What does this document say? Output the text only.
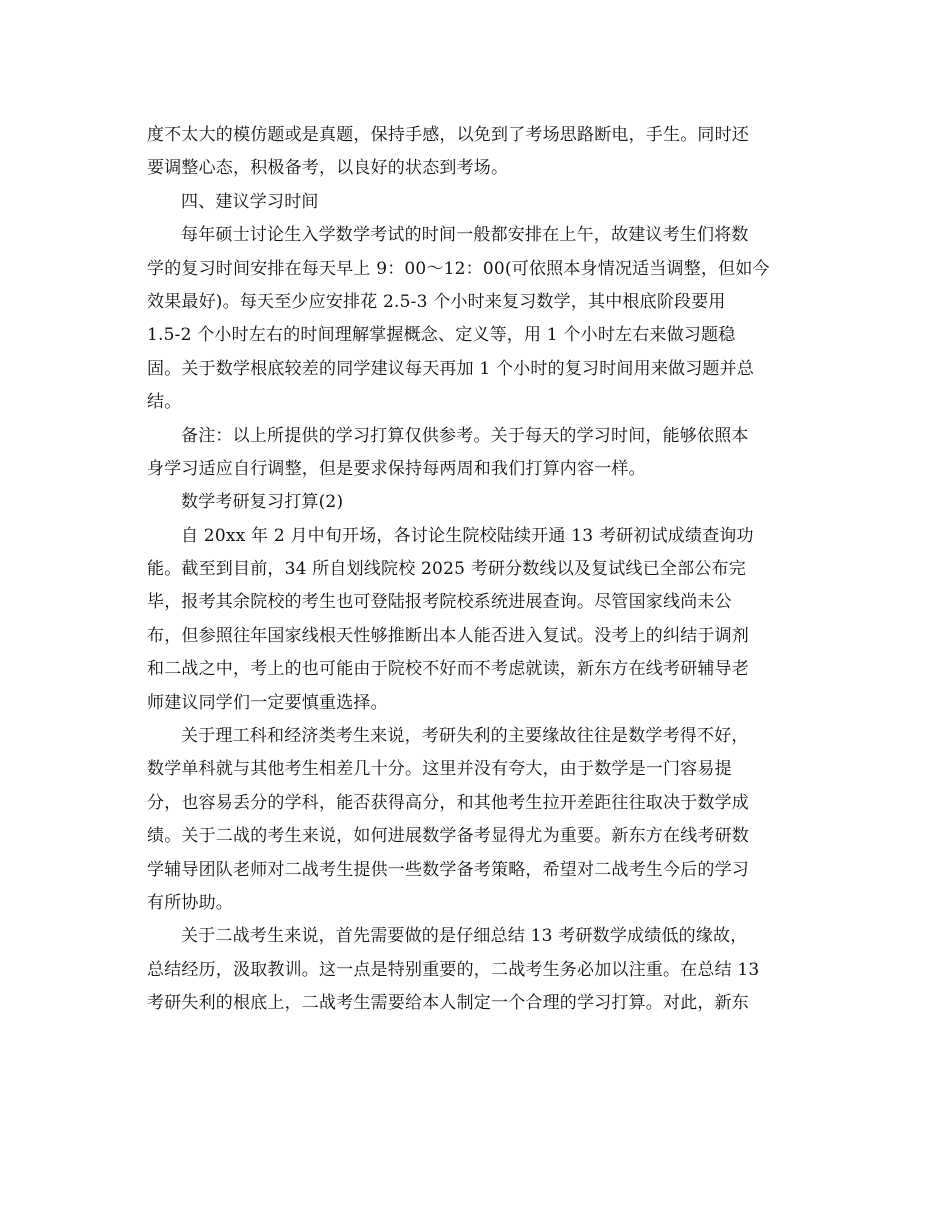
度不太大的模仿题或是真题，保持手感，以免到了考场思路断电，手生。同时还
要调整心态，积极备考，以良好的状态到考场。
四、建议学习时间
每年硕士讨论生入学数学考试的时间一般都安排在上午，故建议考生们将数
学的复习时间安排在每天早上 9：00～12：00(可依照本身情况适当调整，但如今
效果最好)。每天至少应安排花 2.5-3 个小时来复习数学，其中根底阶段要用
1.5-2 个小时左右的时间理解掌握概念、定义等，用 1 个小时左右来做习题稳
固。关于数学根底较差的同学建议每天再加 1 个小时的复习时间用来做习题并总
结。
备注：以上所提供的学习打算仅供参考。关于每天的学习时间，能够依照本
身学习适应自行调整，但是要求保持每两周和我们打算内容一样。
数学考研复习打算(2)
自 20xx 年 2 月中旬开场，各讨论生院校陆续开通 13 考研初试成绩查询功
能。截至到目前，34 所自划线院校 2025 考研分数线以及复试线已全部公布完
毕，报考其余院校的考生也可登陆报考院校系统进展查询。尽管国家线尚未公
布，但参照往年国家线根天性够推断出本人能否进入复试。没考上的纠结于调剂
和二战之中，考上的也可能由于院校不好而不考虑就读，新东方在线考研辅导老
师建议同学们一定要慎重选择。
关于理工科和经济类考生来说，考研失利的主要缘故往往是数学考得不好，
数学单科就与其他考生相差几十分。这里并没有夸大，由于数学是一门容易提
分，也容易丢分的学科，能否获得高分，和其他考生拉开差距往往取决于数学成
绩。关于二战的考生来说，如何进展数学备考显得尤为重要。新东方在线考研数
学辅导团队老师对二战考生提供一些数学备考策略，希望对二战考生今后的学习
有所协助。
关于二战考生来说，首先需要做的是仔细总结 13 考研数学成绩低的缘故，
总结经历，汲取教训。这一点是特别重要的，二战考生务必加以注重。在总结 13
考研失利的根底上，二战考生需要给本人制定一个合理的学习打算。对此，新东
